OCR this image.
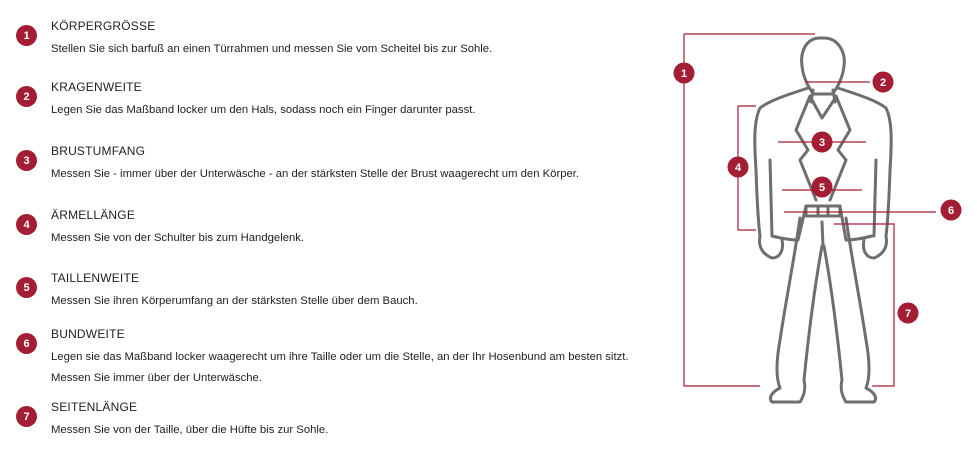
1
KÖRPERGRÖSSE
Stellen Sie sich barfuß an einen Türrahmen und messen Sie vom Scheitel bis zur Sohle.
2
KRAGENWEITE
Legen Sie das Maßband locker um den Hals, sodass noch ein Finger darunter passt.
3
BRUSTUMFANG
Messen Sie - immer über der Unterwäsche - an der stärksten Stelle der Brust waagerecht um den Körper.
4
ÄRMELLÄNGE
Messen Sie von der Schulter bis zum Handgelenk.
5
TAILLENWEITE
Messen Sie ihren Körperumfang an der stärksten Stelle über dem Bauch.
6
BUNDWEITE
Legen sie das Maßband locker waagerecht um ihre Taille oder um die Stelle, an der Ihr Hosenbund am besten sitzt.
Messen Sie immer über der Unterwäsche.
7
SEITENLÄNGE
Messen Sie von der Taille, über die Hüfte bis zur Sohle.
1
2
3
4
5
6
7
